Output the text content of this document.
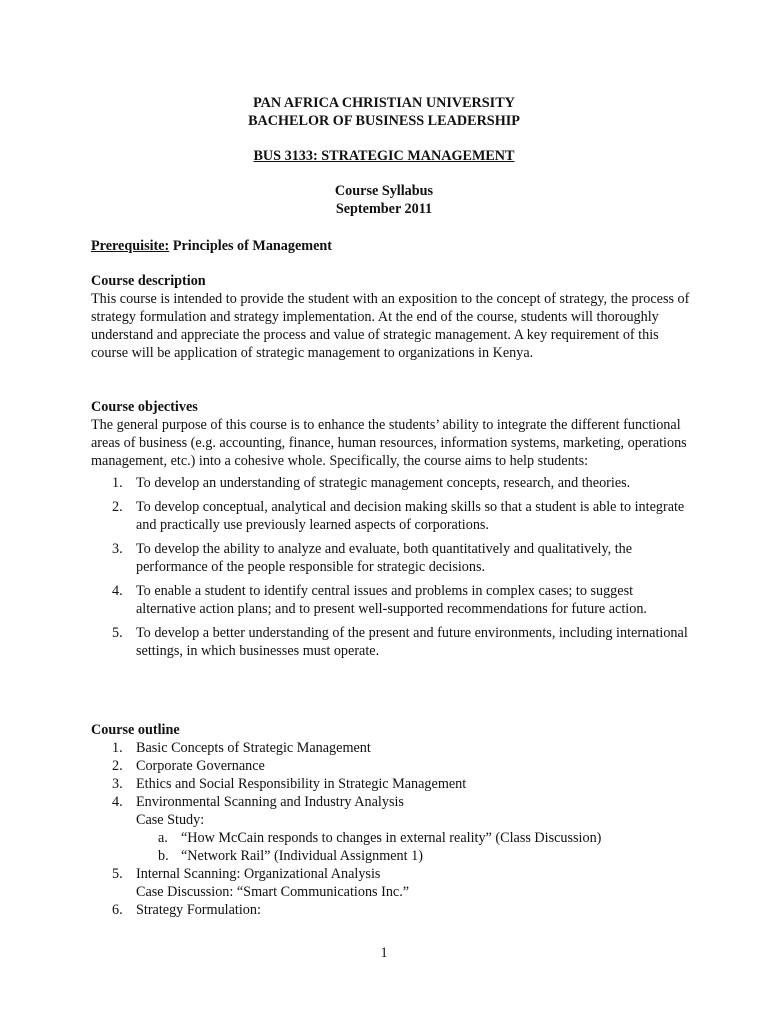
PAN AFRICA CHRISTIAN UNIVERSITY
BACHELOR OF BUSINESS LEADERSHIP
BUS 3133: STRATEGIC MANAGEMENT
Course Syllabus
September 2011
Prerequisite: Principles of Management
Course description
This course is intended to provide the student with an exposition to the concept of strategy, the process of strategy formulation and strategy implementation. At the end of the course, students will thoroughly understand and appreciate the process and value of strategic management. A key requirement of this course will be application of strategic management to organizations in Kenya.
Course objectives
The general purpose of this course is to enhance the students’ ability to integrate the different functional areas of business (e.g. accounting, finance, human resources, information systems, marketing, operations management, etc.) into a cohesive whole. Specifically, the course aims to help students:
1. To develop an understanding of strategic management concepts, research, and theories.
2. To develop conceptual, analytical and decision making skills so that a student is able to integrate and practically use previously learned aspects of corporations.
3. To develop the ability to analyze and evaluate, both quantitatively and qualitatively, the performance of the people responsible for strategic decisions.
4. To enable a student to identify central issues and problems in complex cases; to suggest alternative action plans; and to present well-supported recommendations for future action.
5. To develop a better understanding of the present and future environments, including international settings, in which businesses must operate.
Course outline
1. Basic Concepts of Strategic Management
2. Corporate Governance
3. Ethics and Social Responsibility in Strategic Management
4. Environmental Scanning and Industry Analysis
Case Study:
a. “How McCain responds to changes in external reality” (Class Discussion)
b. “Network Rail” (Individual Assignment 1)
5. Internal Scanning: Organizational Analysis
Case Discussion: “Smart Communications Inc.”
6. Strategy Formulation:
1
